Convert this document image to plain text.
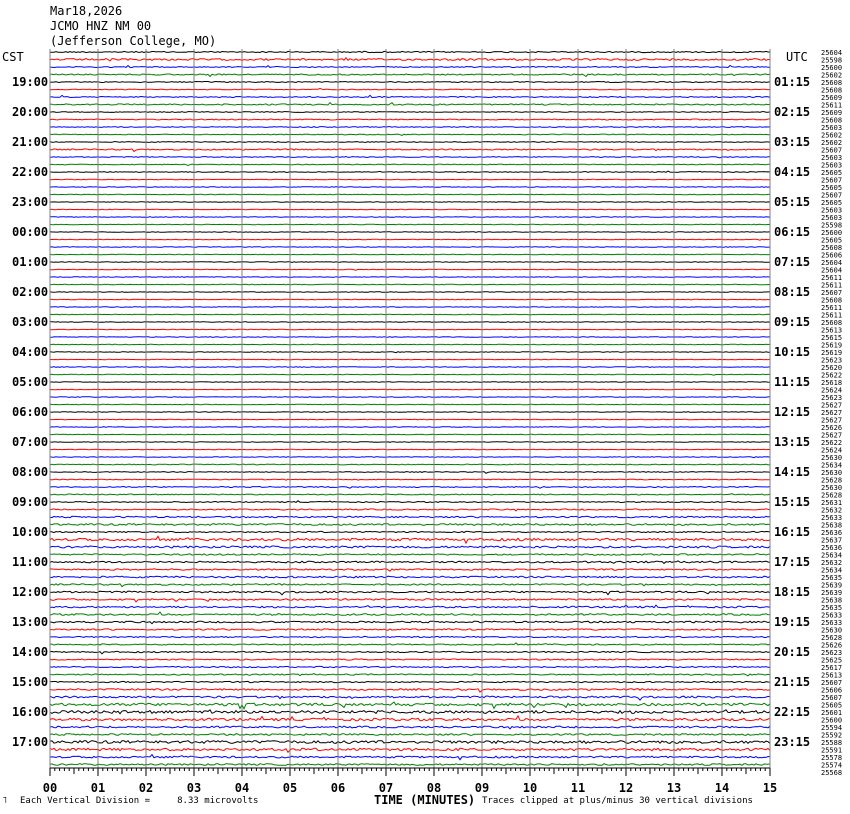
Mar18,2026
JCMO HNZ NM 00
(Jefferson College, MO)
CST	UTC
00	01	02	03	04	05	06	07	08	09	10	11	12	13	14	15
19:00
20:00
21:00
22:00
23:00
00:00
01:00
02:00
03:00
04:00
05:00
06:00
07:00
08:00
09:00
10:00
11:00
12:00
13:00
14:00
15:00
16:00
17:00
01:15
02:15
03:15
04:15
05:15
06:15
07:15
08:15
09:15
10:15
11:15
12:15
13:15
14:15
15:15
16:15
17:15
18:15
19:15
20:15
21:15
22:15
23:15
25604
25598
25600
25602
25608
25608
25609
25611
25609
25608
25603
25602
25602
25607
25603
25603
25605
25607
25605
25607
25605
25603
25603
25598
25600
25605
25608
25606
25604
25604
25611
25611
25607
25608
25611
25611
25608
25613
25615
25619
25619
25623
25620
25622
25618
25624
25623
25627
25627
25627
25626
25627
25622
25624
25630
25634
25630
25628
25630
25628
25631
25632
25633
25638
25636
25637
25636
25634
25632
25634
25635
25639
25639
25638
25635
25633
25633
25630
25628
25626
25623
25625
25617
25613
25607
25606
25607
25605
25601
25600
25594
25592
25588
25591
25578
25574
25568
˥ Each Vertical Division =     8.33 microvolts	TIME (MINUTES) Traces clipped at plus/minus 30 vertical divisions
